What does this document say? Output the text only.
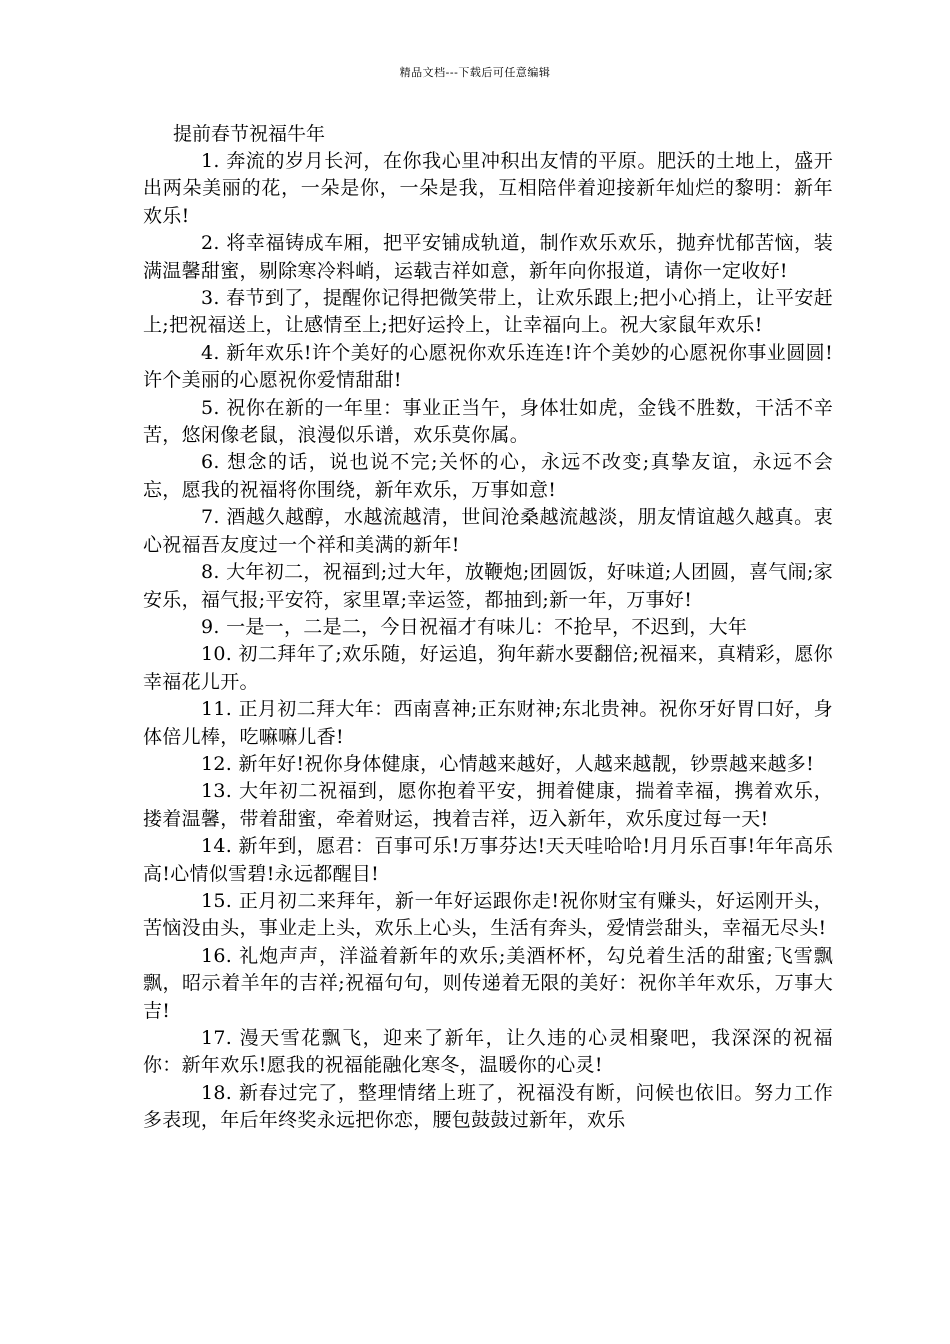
精品文档---下载后可任意编辑
提前春节祝福牛年

1. 奔流的岁月长河，在你我心里冲积出友情的平原。肥沃的土地上，盛开出两朵美丽的花，一朵是你，一朵是我，互相陪伴着迎接新年灿烂的黎明：新年欢乐!

2. 将幸福铸成车厢，把平安铺成轨道，制作欢乐欢乐，抛弃忧郁苦恼，装满温馨甜蜜，剔除寒冷料峭，运载吉祥如意，新年向你报道，请你一定收好!

3. 春节到了，提醒你记得把微笑带上，让欢乐跟上;把小心捎上，让平安赶上;把祝福送上，让感情至上;把好运拎上，让幸福向上。祝大家鼠年欢乐!

4. 新年欢乐!许个美好的心愿祝你欢乐连连!许个美妙的心愿祝你事业圆圆!许个美丽的心愿祝你爱情甜甜!

5. 祝你在新的一年里：事业正当午，身体壮如虎，金钱不胜数，干活不辛苦，悠闲像老鼠，浪漫似乐谱，欢乐莫你属。

6. 想念的话，说也说不完;关怀的心，永远不改变;真挚友谊，永远不会忘，愿我的祝福将你围绕，新年欢乐，万事如意!

7. 酒越久越醇，水越流越清，世间沧桑越流越淡，朋友情谊越久越真。衷心祝福吾友度过一个祥和美满的新年!

8. 大年初二，祝福到;过大年，放鞭炮;团圆饭，好味道;人团圆，喜气闹;家安乐，福气报;平安符，家里罩;幸运签，都抽到;新一年，万事好!

9. 一是一，二是二，今日祝福才有味儿：不抢早，不迟到，大年

10. 初二拜年了;欢乐随，好运追，狗年薪水要翻倍;祝福来，真精彩，愿你幸福花儿开。

11. 正月初二拜大年：西南喜神;正东财神;东北贵神。祝你牙好胃口好，身体倍儿棒，吃嘛嘛儿香!

12. 新年好!祝你身体健康，心情越来越好，人越来越靓，钞票越来越多!

13. 大年初二祝福到，愿你抱着平安，拥着健康，揣着幸福，携着欢乐，搂着温馨，带着甜蜜，牵着财运，拽着吉祥，迈入新年，欢乐度过每一天!

14. 新年到，愿君：百事可乐!万事芬达!天天哇哈哈!月月乐百事!年年高乐高!心情似雪碧!永远都醒目!

15. 正月初二来拜年，新一年好运跟你走!祝你财宝有赚头，好运刚开头，苦恼没由头，事业走上头，欢乐上心头，生活有奔头，爱情尝甜头，幸福无尽头!

16. 礼炮声声，洋溢着新年的欢乐;美酒杯杯，勾兑着生活的甜蜜;飞雪飘飘，昭示着羊年的吉祥;祝福句句，则传递着无限的美好：祝你羊年欢乐，万事大吉!

17. 漫天雪花飘飞，迎来了新年，让久违的心灵相聚吧，我深深的祝福你：新年欢乐!愿我的祝福能融化寒冬，温暖你的心灵!

18. 新春过完了，整理情绪上班了，祝福没有断，问候也依旧。努力工作多表现，年后年终奖永远把你恋，腰包鼓鼓过新年，欢乐
